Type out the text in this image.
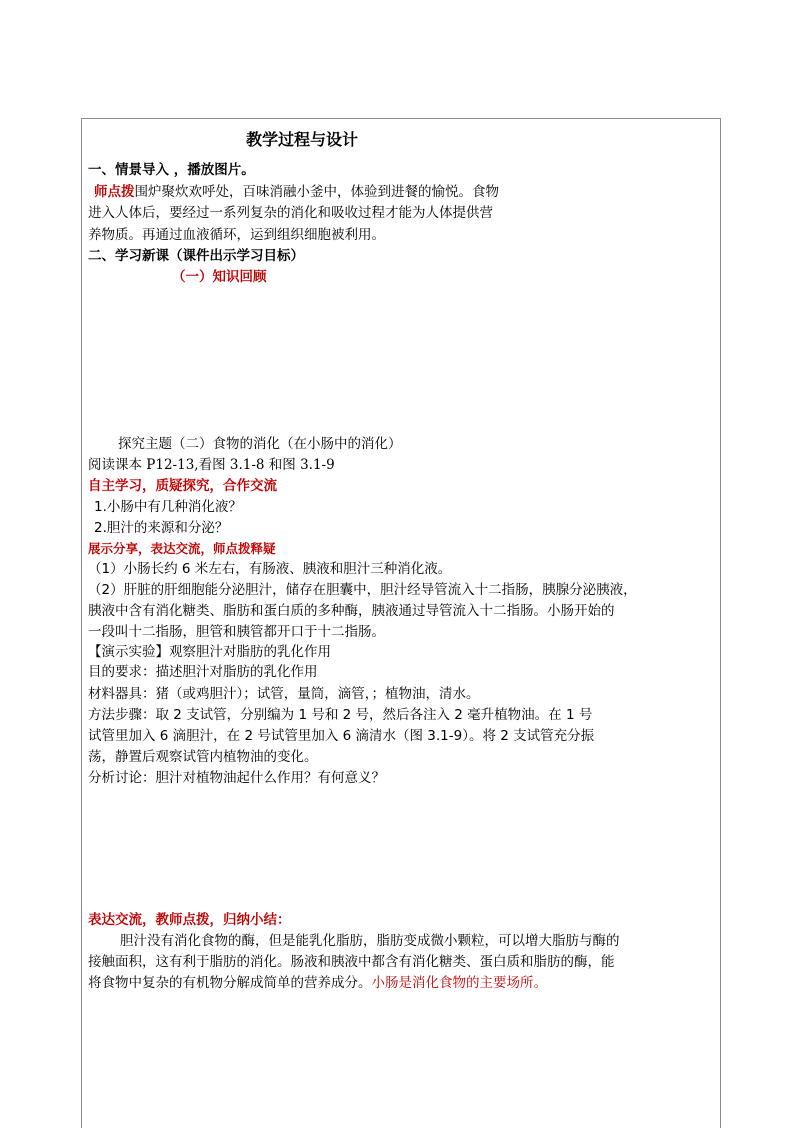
教学过程与设计
一、情景导入 ，播放图片。
师点拨围炉聚炊欢呼处，百味消融小釜中，体验到进餐的愉悦。食物
进入人体后，要经过一系列复杂的消化和吸收过程才能为人体提供营
养物质。再通过血液循环，运到组织细胞被利用。
二、学习新课（课件出示学习目标）
（一）知识回顾
探究主题（二）食物的消化（在小肠中的消化）
阅读课本 P12-13,看图 3.1-8 和图 3.1-9
自主学习，质疑探究，合作交流
1.小肠中有几种消化液？
2.胆汁的来源和分泌？
展示分享，表达交流，师点拨释疑
（1）小肠长约 6 米左右，有肠液、胰液和胆汁三种消化液。
（2）肝脏的肝细胞能分泌胆汁，储存在胆囊中，胆汁经导管流入十二指肠，胰腺分泌胰液，
胰液中含有消化糖类、脂肪和蛋白质的多种酶，胰液通过导管流入十二指肠。小肠开始的
一段叫十二指肠，胆管和胰管都开口于十二指肠。
【演示实验】观察胆汁对脂肪的乳化作用
目的要求：描述胆汁对脂肪的乳化作用
材料器具：猪（或鸡胆汁）；试管，量筒，滴管，；植物油，清水。
方法步骤：取 2 支试管，分别编为 1 号和 2 号，然后各注入 2 毫升植物油。在 1 号
试管里加入 6 滴胆汁，在 2 号试管里加入 6 滴清水（图 3.1-9）。将 2 支试管充分振
荡，静置后观察试管内植物油的变化。
分析讨论：胆汁对植物油起什么作用？有何意义？
表达交流，教师点拨，归纳小结：
胆汁没有消化食物的酶，但是能乳化脂肪，脂肪变成微小颗粒，可以增大脂肪与酶的
接触面积，这有利于脂肪的消化。肠液和胰液中都含有消化糖类、蛋白质和脂肪的酶，能
将食物中复杂的有机物分解成简单的营养成分。小肠是消化食物的主要场所。
